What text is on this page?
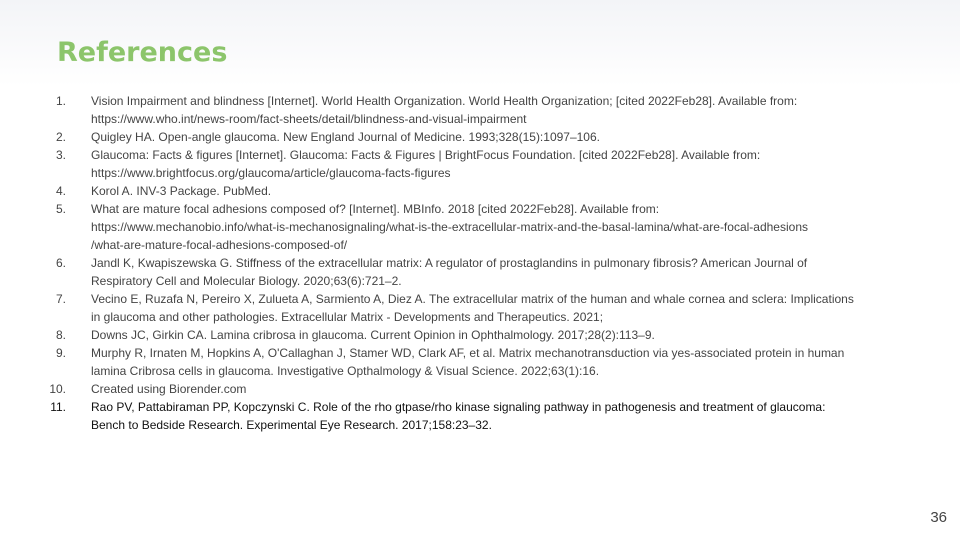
References
1. Vision Impairment and blindness [Internet]. World Health Organization. World Health Organization; [cited 2022Feb28]. Available from:
https://www.who.int/news-room/fact-sheets/detail/blindness-and-visual-impairment
2. Quigley HA. Open-angle glaucoma. New England Journal of Medicine. 1993;328(15):1097–106.
3. Glaucoma: Facts & figures [Internet]. Glaucoma: Facts & Figures | BrightFocus Foundation. [cited 2022Feb28]. Available from:
https://www.brightfocus.org/glaucoma/article/glaucoma-facts-figures
4. Korol A. INV-3 Package. PubMed.
5. What are mature focal adhesions composed of? [Internet]. MBInfo. 2018 [cited 2022Feb28]. Available from:
https://www.mechanobio.info/what-is-mechanosignaling/what-is-the-extracellular-matrix-and-the-basal-lamina/what-are-focal-adhesions
/what-are-mature-focal-adhesions-composed-of/
6. Jandl K, Kwapiszewska G. Stiffness of the extracellular matrix: A regulator of prostaglandins in pulmonary fibrosis? American Journal of
Respiratory Cell and Molecular Biology. 2020;63(6):721–2.
7. Vecino E, Ruzafa N, Pereiro X, Zulueta A, Sarmiento A, Diez A. The extracellular matrix of the human and whale cornea and sclera: Implications
in glaucoma and other pathologies. Extracellular Matrix - Developments and Therapeutics. 2021;
8. Downs JC, Girkin CA. Lamina cribrosa in glaucoma. Current Opinion in Ophthalmology. 2017;28(2):113–9.
9. Murphy R, Irnaten M, Hopkins A, O'Callaghan J, Stamer WD, Clark AF, et al. Matrix mechanotransduction via yes-associated protein in human
lamina Cribrosa cells in glaucoma. Investigative Opthalmology & Visual Science. 2022;63(1):16.
10. Created using Biorender.com
11. Rao PV, Pattabiraman PP, Kopczynski C. Role of the rho gtpase/rho kinase signaling pathway in pathogenesis and treatment of glaucoma:
Bench to Bedside Research. Experimental Eye Research. 2017;158:23–32.
36
